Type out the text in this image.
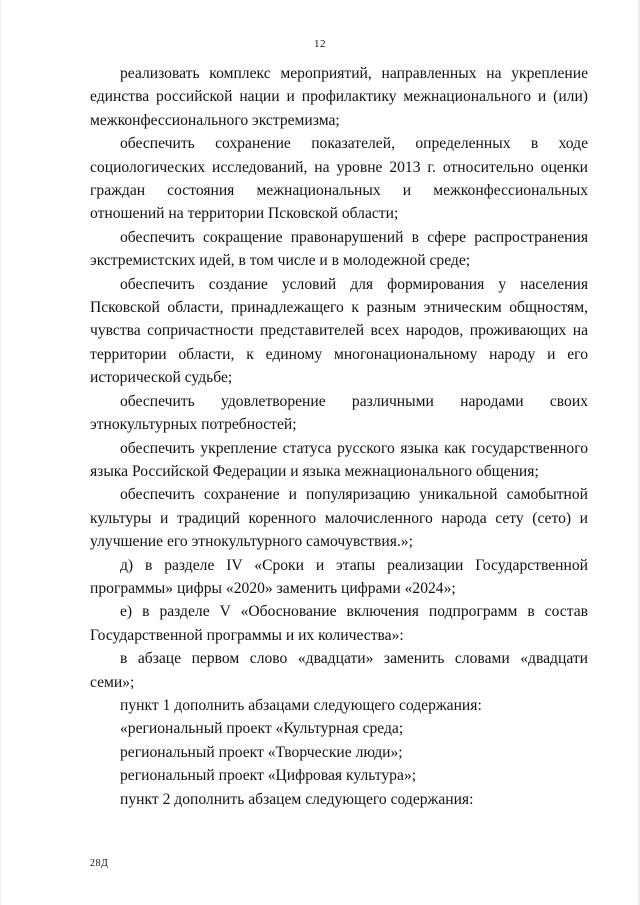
12

реализовать комплекс мероприятий, направленных на укрепление единства российской нации и профилактику межнационального и (или) межконфессионального экстремизма;

обеспечить сохранение показателей, определенных в ходе социологических исследований, на уровне 2013 г. относительно оценки граждан состояния межнациональных и межконфессиональных отношений на территории Псковской области;

обеспечить сокращение правонарушений в сфере распространения экстремистских идей, в том числе и в молодежной среде;

обеспечить создание условий для формирования у населения Псковской области, принадлежащего к разным этническим общностям, чувства сопричастности представителей всех народов, проживающих на территории области, к единому многонациональному народу и его исторической судьбе;

обеспечить удовлетворение различными народами своих этнокультурных потребностей;

обеспечить укрепление статуса русского языка как государственного языка Российской Федерации и языка межнационального общения;

обеспечить сохранение и популяризацию уникальной самобытной культуры и традиций коренного малочисленного народа сету (сето) и улучшение его этнокультурного самочувствия.»;

д) в разделе IV «Сроки и этапы реализации Государственной программы» цифры «2020» заменить цифрами «2024»;

е) в разделе V «Обоснование включения подпрограмм в состав Государственной программы и их количества»:

в абзаце первом слово «двадцати» заменить словами «двадцати семи»;

пункт 1 дополнить абзацами следующего содержания:

«региональный проект «Культурная среда;

региональный проект «Творческие люди»;

региональный проект «Цифровая культура»;

пункт 2 дополнить абзацем следующего содержания:

28Д
